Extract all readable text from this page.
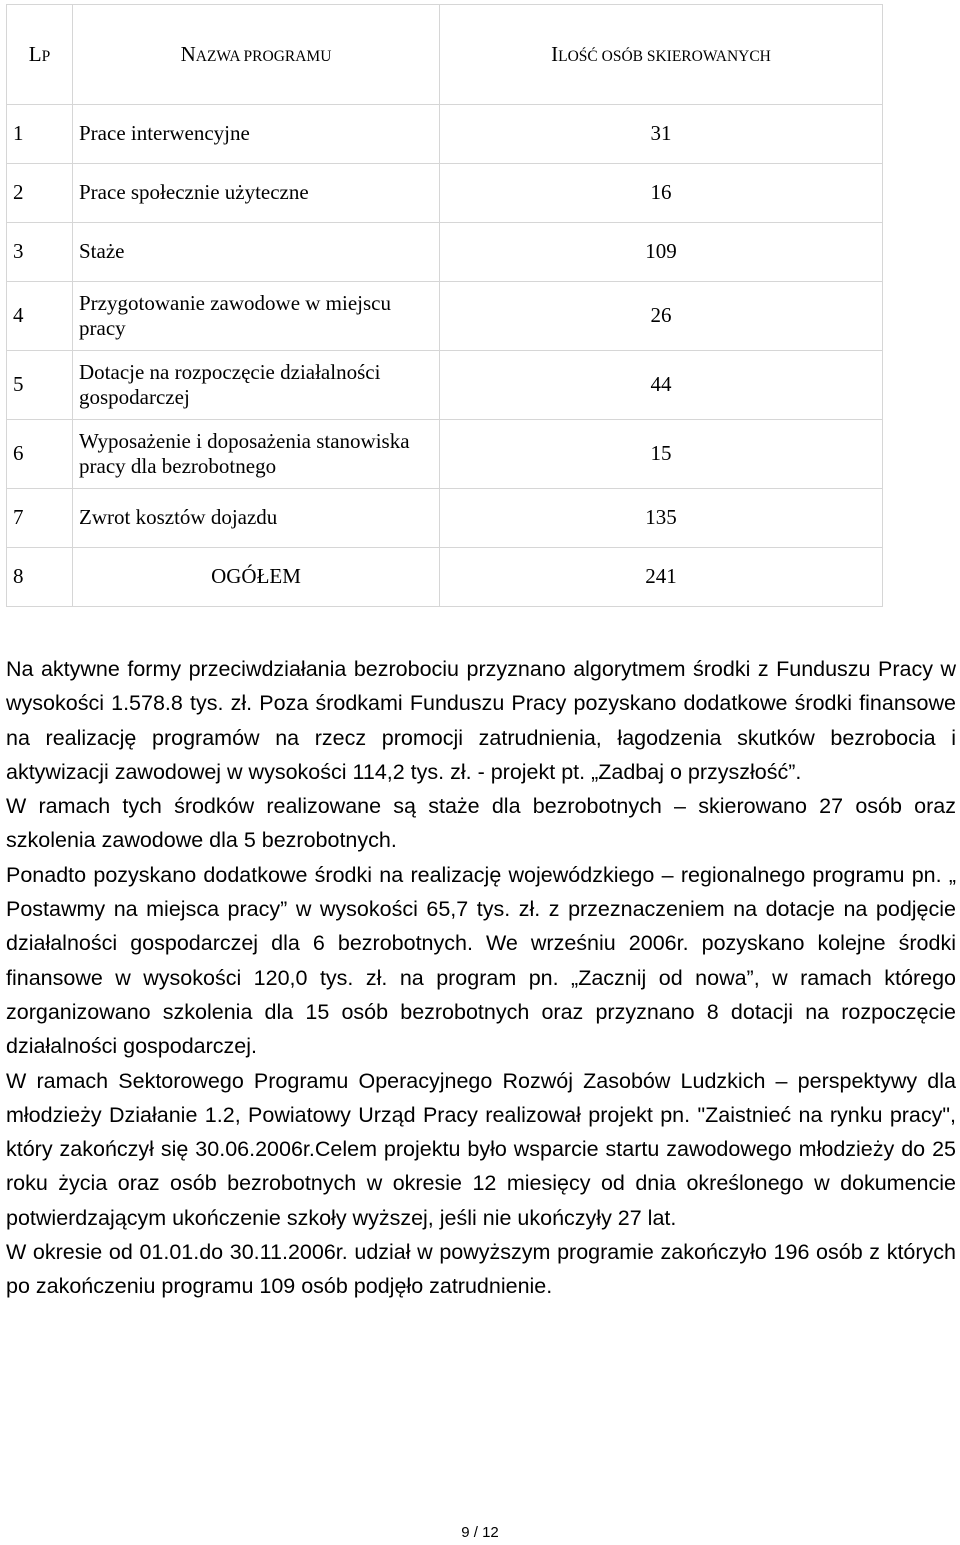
LP	NAZWA PROGRAMU	ILOŚĆ OSÓB SKIEROWANYCH
1	Prace interwencyjne	31
2	Prace społecznie użyteczne	16
3	Staże	109
4	Przygotowanie zawodowe w miejscu pracy	26
5	Dotacje na rozpoczęcie działalności gospodarczej	44
6	Wyposażenie i doposażenia stanowiska pracy dla bezrobotnego	15
7	Zwrot kosztów dojazdu	135
8	OGÓŁEM	241

Na aktywne formy przeciwdziałania bezrobociu przyznano algorytmem środki z Funduszu Pracy w wysokości 1.578.8 tys. zł. Poza środkami Funduszu Pracy pozyskano dodatkowe środki finansowe na realizację programów na rzecz promocji zatrudnienia, łagodzenia skutków bezrobocia i aktywizacji zawodowej w wysokości 114,2 tys. zł. - projekt pt. „Zadbaj o przyszłość”.

W ramach tych środków realizowane są staże dla bezrobotnych – skierowano 27 osób oraz szkolenia zawodowe dla 5 bezrobotnych.

Ponadto pozyskano dodatkowe środki na realizację wojewódzkiego – regionalnego programu pn. „ Postawmy na miejsca pracy” w wysokości 65,7 tys. zł. z przeznaczeniem na dotacje na podjęcie działalności gospodarczej dla 6 bezrobotnych. We wrześniu 2006r. pozyskano kolejne środki finansowe w wysokości 120,0 tys. zł. na program pn. „Zacznij od nowa”, w ramach którego zorganizowano szkolenia dla 15 osób bezrobotnych oraz przyznano 8 dotacji na rozpoczęcie działalności gospodarczej.

W ramach Sektorowego Programu Operacyjnego Rozwój Zasobów Ludzkich – perspektywy dla młodzieży Działanie 1.2, Powiatowy Urząd Pracy realizował projekt pn. "Zaistnieć na rynku pracy", który zakończył się 30.06.2006r.Celem projektu było wsparcie startu zawodowego młodzieży do 25 roku życia oraz osób bezrobotnych w okresie 12 miesięcy od dnia określonego w dokumencie potwierdzającym ukończenie szkoły wyższej, jeśli nie ukończyły 27 lat.

W okresie od 01.01.do 30.11.2006r. udział w powyższym programie zakończyło 196 osób z których po zakończeniu programu 109 osób podjęło zatrudnienie.

9 / 12
